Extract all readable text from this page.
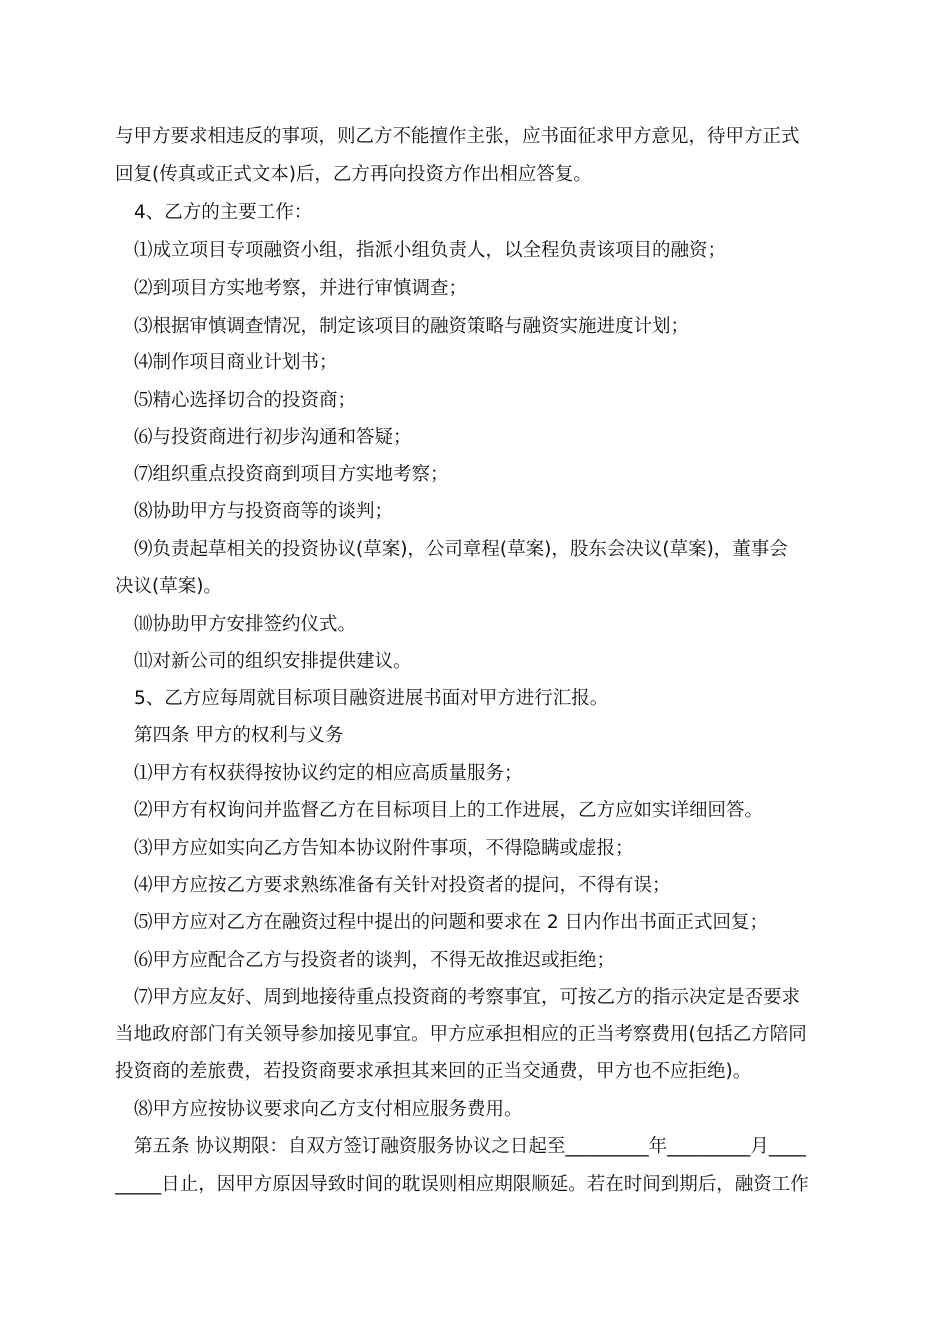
与甲方要求相违反的事项，则乙方不能擅作主张，应书面征求甲方意见，待甲方正式
回复(传真或正式文本)后，乙方再向投资方作出相应答复。
4、乙方的主要工作：
⑴成立项目专项融资小组，指派小组负责人，以全程负责该项目的融资；
⑵到项目方实地考察，并进行审慎调查；
⑶根据审慎调查情况，制定该项目的融资策略与融资实施进度计划；
⑷制作项目商业计划书；
⑸精心选择切合的投资商；
⑹与投资商进行初步沟通和答疑；
⑺组织重点投资商到项目方实地考察；
⑻协助甲方与投资商等的谈判；
⑼负责起草相关的投资协议(草案)，公司章程(草案)，股东会决议(草案)，董事会
决议(草案)。
⑽协助甲方安排签约仪式。
⑾对新公司的组织安排提供建议。
5、乙方应每周就目标项目融资进展书面对甲方进行汇报。
第四条 甲方的权利与义务
⑴甲方有权获得按协议约定的相应高质量服务；
⑵甲方有权询问并监督乙方在目标项目上的工作进展，乙方应如实详细回答。
⑶甲方应如实向乙方告知本协议附件事项，不得隐瞒或虚报；
⑷甲方应按乙方要求熟练准备有关针对投资者的提问，不得有误；
⑸甲方应对乙方在融资过程中提出的问题和要求在 2 日内作出书面正式回复；
⑹甲方应配合乙方与投资者的谈判，不得无故推迟或拒绝；
⑺甲方应友好、周到地接待重点投资商的考察事宜，可按乙方的指示决定是否要求
当地政府部门有关领导参加接见事宜。甲方应承担相应的正当考察费用(包括乙方陪同
投资商的差旅费，若投资商要求承担其来回的正当交通费，甲方也不应拒绝)。
⑻甲方应按协议要求向乙方支付相应服务费用。
第五条 协议期限：自双方签订融资服务协议之日起至_________年_________月____
_____日止，因甲方原因导致时间的耽误则相应期限顺延。若在时间到期后，融资工作
